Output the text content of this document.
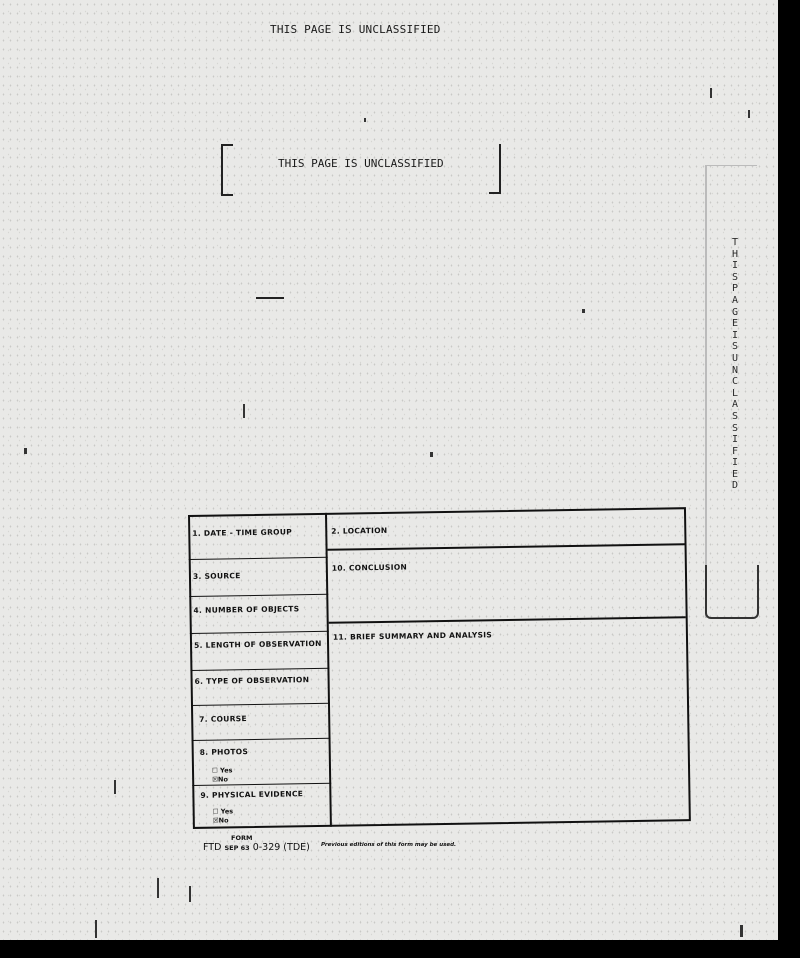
THIS PAGE IS UNCLASSIFIED
THIS PAGE IS UNCLASSIFIED
THISPAGEISUNCLASSIFIED
1. DATE - TIME GROUP
3. SOURCE
4. NUMBER OF OBJECTS
5. LENGTH OF OBSERVATION
6. TYPE OF OBSERVATION
7. COURSE
8. PHOTOS
☐ Yes
☒No
9. PHYSICAL EVIDENCE
☐ Yes
☒No
2. LOCATION
10. CONCLUSION
11. BRIEF SUMMARY AND ANALYSIS
FORM
FTD SEP 63 0-329 (TDE) Previous editions of this form may be used.
